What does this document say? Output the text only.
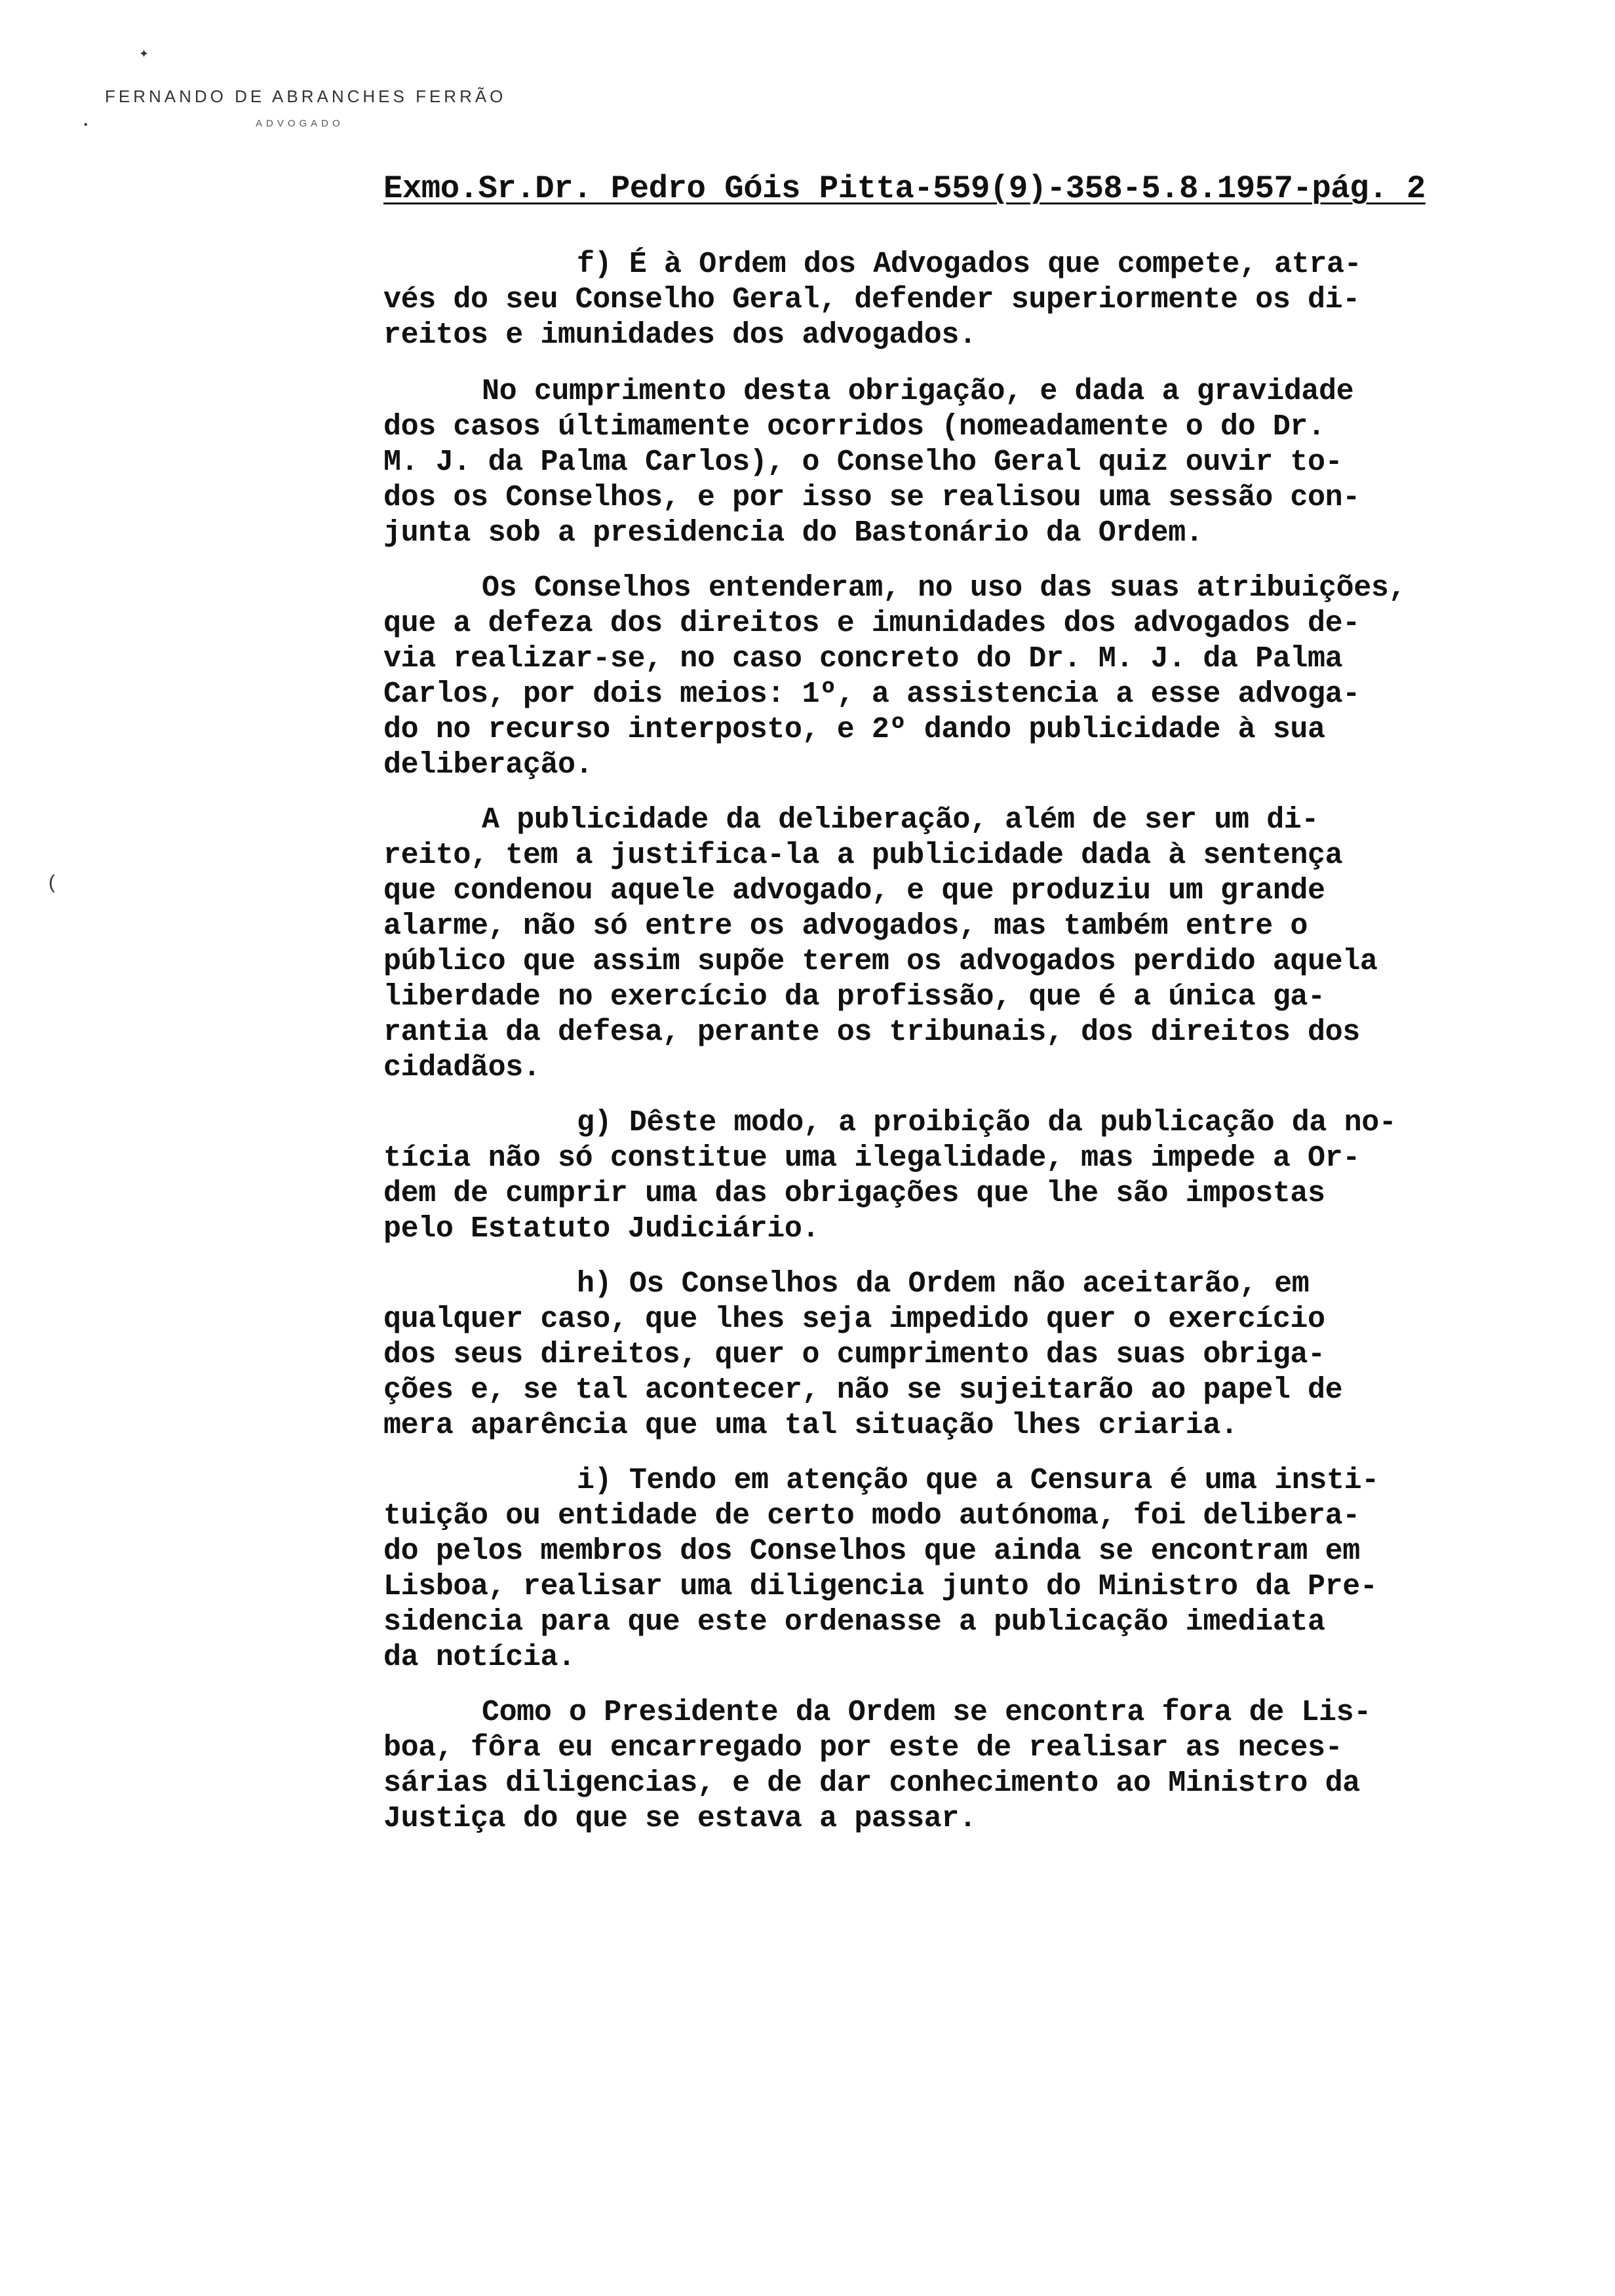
FERNANDO DE ABRANCHES FERRÃO
ADVOGADO
✦
•
(
Exmo.Sr.Dr. Pedro Góis Pitta-559(9)-358-5.8.1957-pág. 2
f) É à Ordem dos Advogados que compete, atra-
vés do seu Conselho Geral, defender superiormente os di-
reitos e imunidades dos advogados.
No cumprimento desta obrigação, e dada a gravidade
dos casos últimamente ocorridos (nomeadamente o do Dr.
M. J. da Palma Carlos), o Conselho Geral quiz ouvir to-
dos os Conselhos, e por isso se realisou uma sessão con-
junta sob a presidencia do Bastonário da Ordem.
Os Conselhos entenderam, no uso das suas atribuições,
que a defeza dos direitos e imunidades dos advogados de-
via realizar-se, no caso concreto do Dr. M. J. da Palma
Carlos, por dois meios: 1º, a assistencia a esse advoga-
do no recurso interposto, e 2º dando publicidade à sua
deliberação.
A publicidade da deliberação, além de ser um di-
reito, tem a justifica-la a publicidade dada à sentença
que condenou aquele advogado, e que produziu um grande
alarme, não só entre os advogados, mas também entre o
público que assim supõe terem os advogados perdido aquela
liberdade no exercício da profissão, que é a única ga-
rantia da defesa, perante os tribunais, dos direitos dos
cidadãos.
g) Dêste modo, a proibição da publicação da no-
tícia não só constitue uma ilegalidade, mas impede a Or-
dem de cumprir uma das obrigações que lhe são impostas
pelo Estatuto Judiciário.
h) Os Conselhos da Ordem não aceitarão, em
qualquer caso, que lhes seja impedido quer o exercício
dos seus direitos, quer o cumprimento das suas obriga-
ções e, se tal acontecer, não se sujeitarão ao papel de
mera aparência que uma tal situação lhes criaria.
i) Tendo em atenção que a Censura é uma insti-
tuição ou entidade de certo modo autónoma, foi delibera-
do pelos membros dos Conselhos que ainda se encontram em
Lisboa, realisar uma diligencia junto do Ministro da Pre-
sidencia para que este ordenasse a publicação imediata
da notícia.
Como o Presidente da Ordem se encontra fora de Lis-
boa, fôra eu encarregado por este de realisar as neces-
sárias diligencias, e de dar conhecimento ao Ministro da
Justiça do que se estava a passar.
